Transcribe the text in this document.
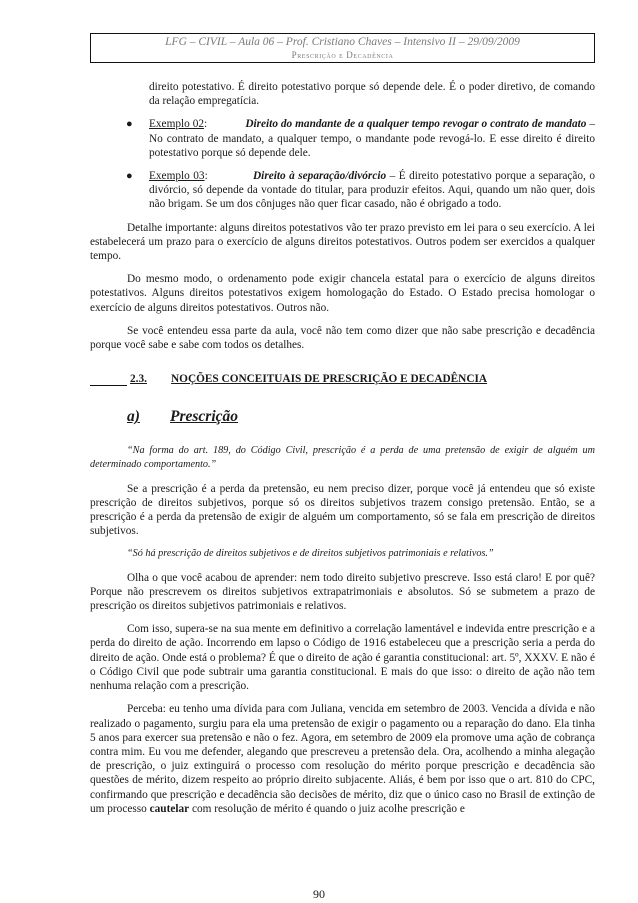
LFG – CIVIL – Aula 06 – Prof. Cristiano Chaves – Intensivo II – 29/09/2009
Prescrição e Decadência

direito potestativo. É direito potestativo porque só depende dele. É o poder diretivo, de comando da relação empregatícia.

● Exemplo 02:	Direito do mandante de a qualquer tempo revogar o contrato de mandato – No contrato de mandato, a qualquer tempo, o mandante pode revogá-lo. E esse direito é direito potestativo porque só depende dele.
● Exemplo 03:	Direito à separação/divórcio – É direito potestativo porque a separação, o divórcio, só depende da vontade do titular, para produzir efeitos. Aqui, quando um não quer, dois não brigam. Se um dos cônjuges não quer ficar casado, não é obrigado a todo.

Detalhe importante: alguns direitos potestativos vão ter prazo previsto em lei para o seu exercício. A lei estabelecerá um prazo para o exercício de alguns direitos potestativos. Outros podem ser exercidos a qualquer tempo.

Do mesmo modo, o ordenamento pode exigir chancela estatal para o exercício de alguns direitos potestativos. Alguns direitos potestativos exigem homologação do Estado. O Estado precisa homologar o exercício de alguns direitos potestativos. Outros não.

Se você entendeu essa parte da aula, você não tem como dizer que não sabe prescrição e decadência porque você sabe e sabe com todos os detalhes.

2.3. NOÇÕES CONCEITUAIS DE PRESCRIÇÃO E DECADÊNCIA
a) Prescrição

“Na forma do art. 189, do Código Civil, prescrição é a perda de uma pretensão de exigir de alguém um determinado comportamento.”

Se a prescrição é a perda da pretensão, eu nem preciso dizer, porque você já entendeu que só existe prescrição de direitos subjetivos, porque só os direitos subjetivos trazem consigo pretensão. Então, se a prescrição é a perda da pretensão de exigir de alguém um comportamento, só se fala em prescrição de direitos subjetivos.

“Só há prescrição de direitos subjetivos e de direitos subjetivos patrimoniais e relativos.”

Olha o que você acabou de aprender: nem todo direito subjetivo prescreve. Isso está claro! E por quê? Porque não prescrevem os direitos subjetivos extrapatrimoniais e absolutos. Só se submetem a prazo de prescrição os direitos subjetivos patrimoniais e relativos.

Com isso, supera-se na sua mente em definitivo a correlação lamentável e indevida entre prescrição e a perda do direito de ação. Incorrendo em lapso o Código de 1916 estabeleceu que a prescrição seria a perda do direito de ação. Onde está o problema? É que o direito de ação é garantia constitucional: art. 5º, XXXV. E não é o Código Civil que pode subtrair uma garantia constitucional. E mais do que isso: o direito de ação não tem nenhuma relação com a prescrição.

Perceba: eu tenho uma dívida para com Juliana, vencida em setembro de 2003. Vencida a dívida e não realizado o pagamento, surgiu para ela uma pretensão de exigir o pagamento ou a reparação do dano. Ela tinha 5 anos para exercer sua pretensão e não o fez. Agora, em setembro de 2009 ela promove uma ação de cobrança contra mim. Eu vou me defender, alegando que prescreveu a pretensão dela. Ora, acolhendo a minha alegação de prescrição, o juiz extinguirá o processo com resolução do mérito porque prescrição e decadência são questões de mérito, dizem respeito ao próprio direito subjacente. Aliás, é bem por isso que o art. 810 do CPC, confirmando que prescrição e decadência são decisões de mérito, diz que o único caso no Brasil de extinção de um processo cautelar com resolução de mérito é quando o juiz acolhe prescrição e

90
